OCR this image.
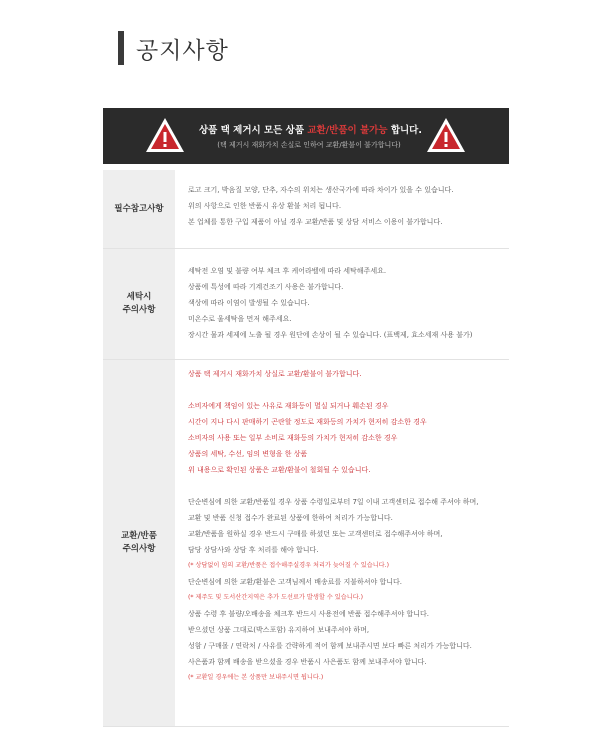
공지사항
상품 택 제거시 모든 상품 교환/반품이 불가능 합니다.
(택 제거시 재화가치 손실로 인하여 교환/환불이 불가합니다)
필수참고사항
로고 크기, 박음질 모양, 단추, 자수의 위치는 생산국가에 따라 차이가 있을 수 있습니다.
위의 사항으로 인한 반품시 유상 환불 처리 됩니다.
본 업체를 통한 구입 제품이 아닐 경우 교환/반품 및 상담 서비스 이용이 불가합니다.
세탁시
주의사항
세탁전 오염 및 불량 여부 체크 후 케어라벨에 따라 세탁해주세요.
상품에 특성에 따라 기계건조기 사용은 불가합니다.
색상에 따라 이염이 발생될 수 있습니다.
미온수로 울세탁을 먼저 해주세요.
장시간 물과 세제에 노출 될 경우 원단에 손상이 될 수 있습니다. (표백제, 효소세재 사용 불가)
교환/반품
주의사항
상품 택 제거시 재화가치 상실로 교환/환불이 불가합니다.
소비자에게 책임이 있는 사유로 재화등이 멸실 되거나 훼손된 경우
시간이 지나 다시 판매하기 곤란할 정도로 재화등의 가치가 현저히 감소한 경우
소비자의 사용 또는 일부 소비로 재화등의 가치가 현저히 감소한 경우
상품의 세탁, 수선, 임의 변형을 한 상품
위 내용으로 확인된 상품은 교환/환불이 철회될 수 있습니다.
단순변심에 의한 교환/반품일 경우 상품 수령일로부터 7일 이내 고객센터로 접수해 주셔야 하며,
교환 및 반품 신청 접수가 완료된 상품에 한하여 처리가 가능합니다.
교환/반품을 원하실 경우 반드시 구매를 하셨던 또는 고객센터로 접수해주셔야 하며,
담당 상담사와 상담 후 처리를 해야 합니다.
(* 상담없이 임의 교환/반품은 접수해주실경우 처리가 늦어질 수 있습니다.)
단순변심에 의한 교환/환불은 고객님께서 배송료를 지불하셔야 합니다.
(* 제주도 및 도서산간지역은 추가 도선료가 발생할 수 있습니다.)
상품 수령 후 불량/오배송을 체크후 반드시 사용전에 반품 접수해주셔야 합니다.
받으셨던 상품 그대로(박스포함) 유지하여 보내주셔야 하며,
성함 / 구매몰 / 연락처 / 사유를 간략하게 적어 함께 보내주시면 보다 빠른 처리가 가능합니다.
사은품과 함께 배송을 받으셨을 경우 반품시 사은품도 함께 보내주셔야 합니다.
(* 교환일 경우에는 본 상품만 보내주시면 됩니다.)
